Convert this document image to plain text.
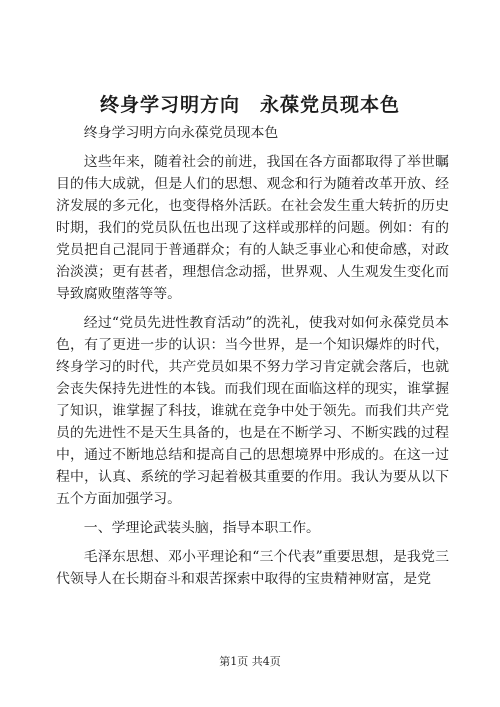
终身学习明方向　永葆党员现本色

终身学习明方向永葆党员现本色

这些年来，随着社会的前进，我国在各方面都取得了举世瞩目的伟大成就，但是人们的思想、观念和行为随着改革开放、经济发展的多元化，也变得格外活跃。在社会发生重大转折的历史时期，我们的党员队伍也出现了这样或那样的问题。例如：有的党员把自己混同于普通群众；有的人缺乏事业心和使命感，对政治淡漠；更有甚者，理想信念动摇，世界观、人生观发生变化而导致腐败堕落等等。

经过“党员先进性教育活动”的洗礼，使我对如何永葆党员本色，有了更进一步的认识：当今世界，是一个知识爆炸的时代，终身学习的时代，共产党员如果不努力学习肯定就会落后，也就会丧失保持先进性的本钱。而我们现在面临这样的现实，谁掌握了知识，谁掌握了科技，谁就在竞争中处于领先。而我们共产党员的先进性不是天生具备的，也是在不断学习、不断实践的过程中，通过不断地总结和提高自己的思想境界中形成的。在这一过程中，认真、系统的学习起着极其重要的作用。我认为要从以下五个方面加强学习。

一、学理论武装头脑，指导本职工作。

毛泽东思想、邓小平理论和“三个代表”重要思想，是我党三代领导人在长期奋斗和艰苦探索中取得的宝贵精神财富，是党

第1页 共4页
